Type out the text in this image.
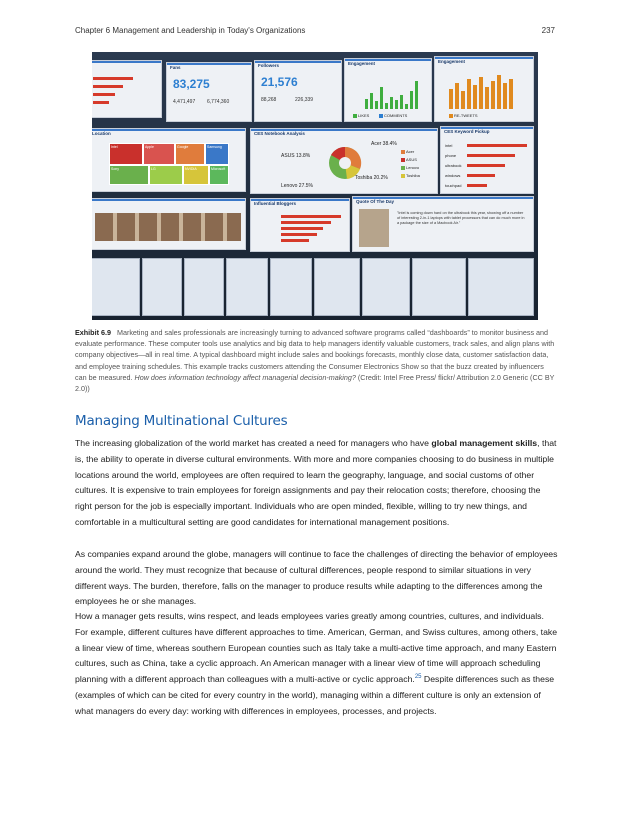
Chapter 6 Management and Leadership in Today's Organizations	237
Fans
83,275
4,471,497 6,774,360
Followers
21,576
88,268	226,339
Engagement
LIKES	COMMENTS
Engagement
RE-TWEETS
Location
Intel	Apple	Google	Samsung
Sony	LG	NVIDIA	Microsoft
CES Notebook Analysis
Acer 38.4%
ASUS 13.8%
Toshiba 20.2%
Lenovo 27.5%
Acer
ASUS
Lenovo
Toshiba
CES Keyword Pickup
intel
phone
ultrabook
windows
touchpad
Influential Bloggers	Quote Of The Day
"Intel is coming down hard on the ultrabook this year, showing off a number of interesting 2-in-1 laptops with tablet processors that can do much more in a package the size of a Macbook Air."
Exhibit 6.9 Marketing and sales professionals are increasingly turning to advanced software programs called “dashboards” to monitor business and evaluate performance. These computer tools use analytics and big data to help managers identify valuable customers, track sales, and align plans with company objectives—all in real time. A typical dashboard might include sales and bookings forecasts, monthly close data, customer satisfaction data, and employee training schedules. This example tracks customers attending the Consumer Electronics Show so that the buzz created by influencers can be measured. How does information technology affect managerial decision-making? (Credit: Intel Free Press/ flickr/ Attribution 2.0 Generic (CC BY 2.0))
Managing Multinational Cultures
The increasing globalization of the world market has created a need for managers who have global management skills, that is, the ability to operate in diverse cultural environments. With more and more companies choosing to do business in multiple locations around the world, employees are often required to learn the geography, language, and social customs of other cultures. It is expensive to train employees for foreign assignments and pay their relocation costs; therefore, choosing the right person for the job is especially important. Individuals who are open minded, flexible, willing to try new things, and comfortable in a multicultural setting are good candidates for international management positions.
As companies expand around the globe, managers will continue to face the challenges of directing the behavior of employees around the world. They must recognize that because of cultural differences, people respond to similar situations in very different ways. The burden, therefore, falls on the manager to produce results while adapting to the differences among the employees he or she manages.
How a manager gets results, wins respect, and leads employees varies greatly among countries, cultures, and individuals. For example, different cultures have different approaches to time. American, German, and Swiss cultures, among others, take a linear view of time, whereas southern European counties such as Italy take a multi-active time approach, and many Eastern cultures, such as China, take a cyclic approach. An American manager with a linear view of time will approach scheduling planning with a different approach than colleagues with a multi-active or cyclic approach.$^{25}$ Despite differences such as these (examples of which can be cited for every country in the world), managing within a different culture is only an extension of what managers do every day: working with differences in employees, processes, and projects.
